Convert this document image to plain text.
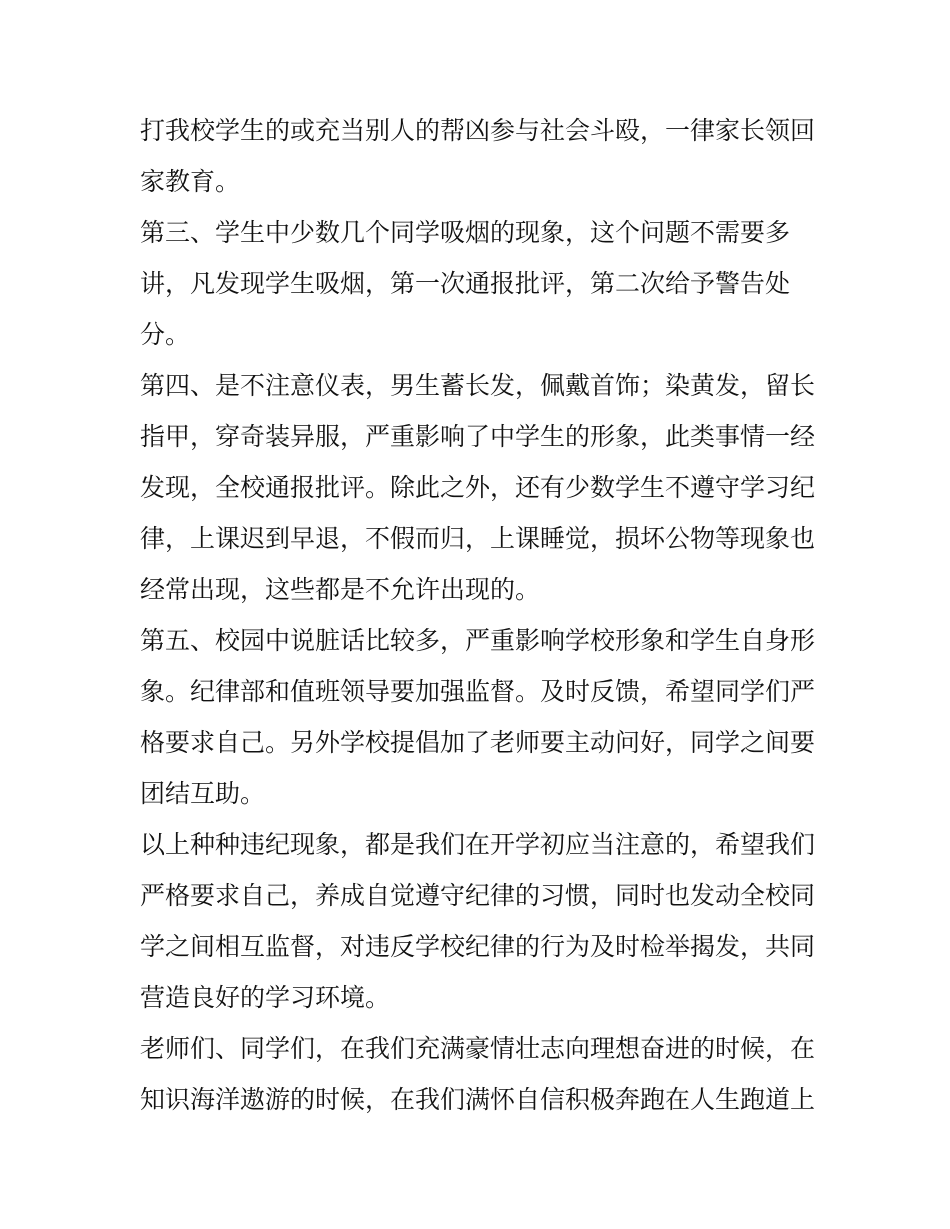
打我校学生的或充当别人的帮凶参与社会斗殴，一律家长领回
家教育。

第三、学生中少数几个同学吸烟的现象，这个问题不需要多
讲，凡发现学生吸烟，第一次通报批评，第二次给予警告处
分。

第四、是不注意仪表，男生蓄长发，佩戴首饰；染黄发，留长
指甲，穿奇装异服，严重影响了中学生的形象，此类事情一经
发现，全校通报批评。除此之外，还有少数学生不遵守学习纪
律，上课迟到早退，不假而归，上课睡觉，损坏公物等现象也
经常出现，这些都是不允许出现的。

第五、校园中说脏话比较多，严重影响学校形象和学生自身形
象。纪律部和值班领导要加强监督。及时反馈，希望同学们严
格要求自己。另外学校提倡加了老师要主动问好，同学之间要
团结互助。

以上种种违纪现象，都是我们在开学初应当注意的，希望我们
严格要求自己，养成自觉遵守纪律的习惯，同时也发动全校同
学之间相互监督，对违反学校纪律的行为及时检举揭发，共同
营造良好的学习环境。

老师们、同学们，在我们充满豪情壮志向理想奋进的时候，在
知识海洋遨游的时候，在我们满怀自信积极奔跑在人生跑道上
